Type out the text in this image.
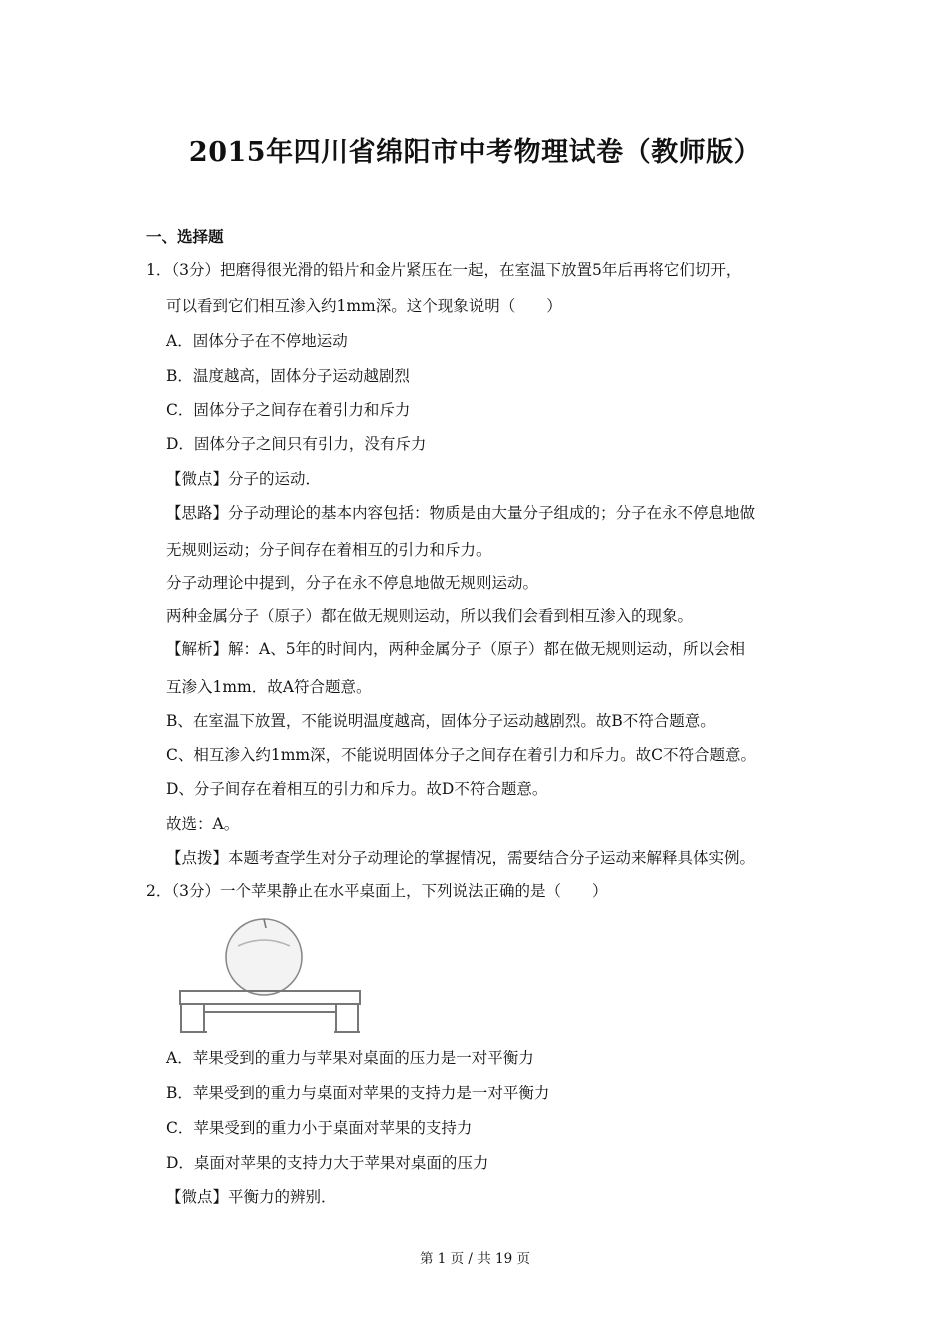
2015年四川省绵阳市中考物理试卷（教师版）
一、选择题
1．（3分）把磨得很光滑的铅片和金片紧压在一起，在室温下放置5年后再将它们切开，
可以看到它们相互渗入约1mm深。这个现象说明（　　）
A．固体分子在不停地运动
B．温度越高，固体分子运动越剧烈
C．固体分子之间存在着引力和斥力
D．固体分子之间只有引力，没有斥力
【微点】分子的运动．
【思路】分子动理论的基本内容包括：物质是由大量分子组成的；分子在永不停息地做
无规则运动；分子间存在着相互的引力和斥力。
分子动理论中提到，分子在永不停息地做无规则运动。
两种金属分子（原子）都在做无规则运动，所以我们会看到相互渗入的现象。
【解析】解：A、5年的时间内，两种金属分子（原子）都在做无规则运动，所以会相
互渗入1mm．故A符合题意。
B、在室温下放置，不能说明温度越高，固体分子运动越剧烈。故B不符合题意。
C、相互渗入约1mm深，不能说明固体分子之间存在着引力和斥力。故C不符合题意。
D、分子间存在着相互的引力和斥力。故D不符合题意。
故选：A。
【点拨】本题考查学生对分子动理论的掌握情况，需要结合分子运动来解释具体实例。
2．（3分）一个苹果静止在水平桌面上，下列说法正确的是（　　）
A．苹果受到的重力与苹果对桌面的压力是一对平衡力
B．苹果受到的重力与桌面对苹果的支持力是一对平衡力
C．苹果受到的重力小于桌面对苹果的支持力
D．桌面对苹果的支持力大于苹果对桌面的压力
【微点】平衡力的辨别．
第 1 页 / 共 19 页
